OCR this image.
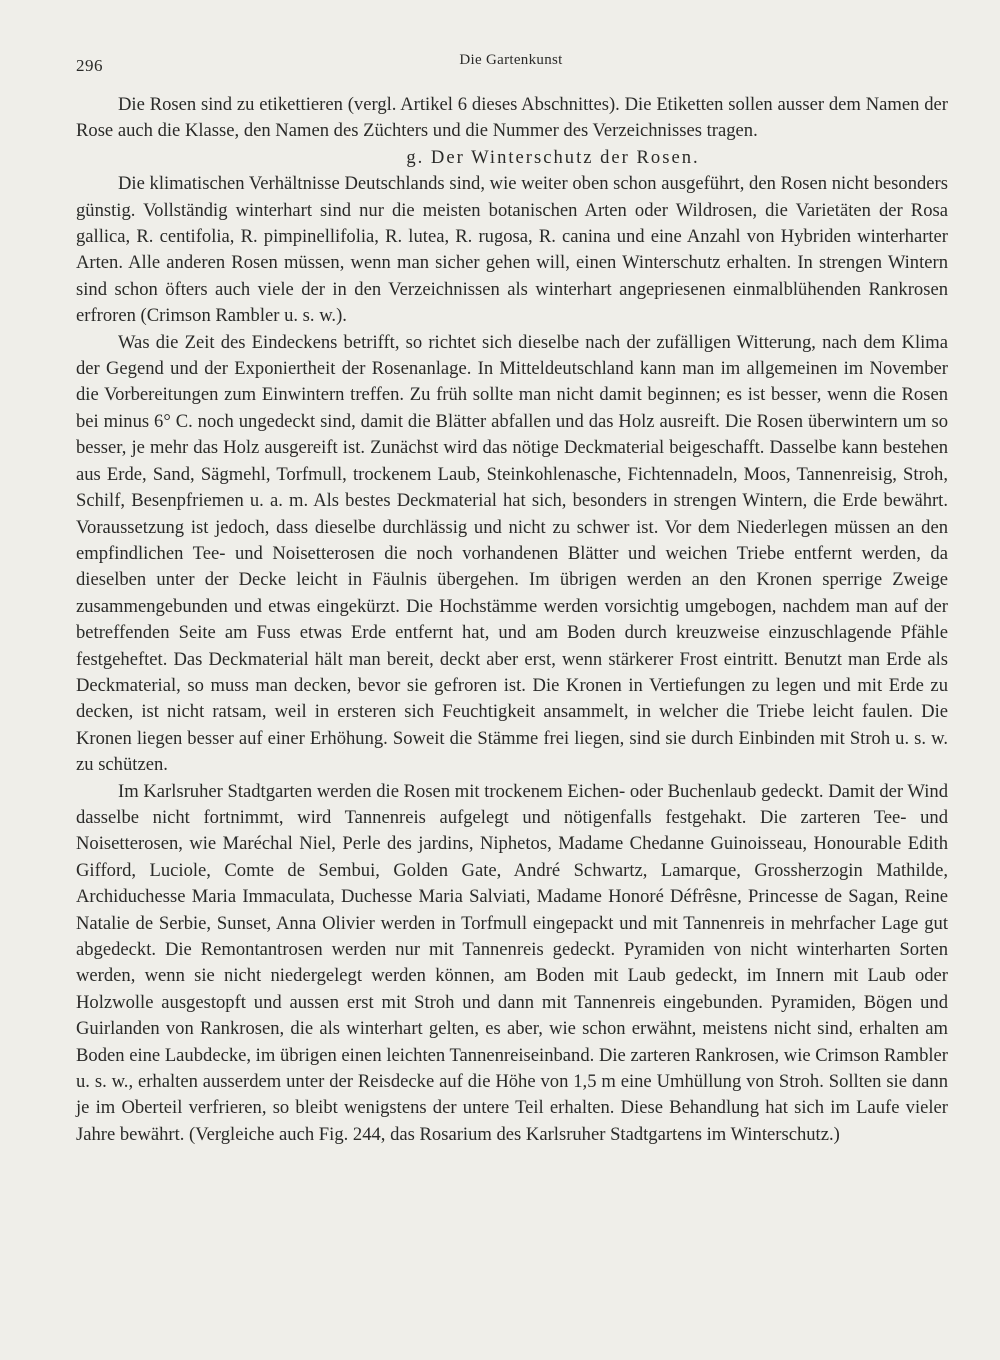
296	Die Gartenkunst

Die Rosen sind zu etikettieren (vergl. Artikel 6 dieses Abschnittes). Die Etiketten sollen ausser dem Namen der Rose auch die Klasse, den Namen des Züchters und die Nummer des Verzeichnisses tragen.

g. Der Winterschutz der Rosen.

Die klimatischen Verhältnisse Deutschlands sind, wie weiter oben schon ausgeführt, den Rosen nicht besonders günstig. Vollständig winterhart sind nur die meisten botanischen Arten oder Wildrosen, die Varietäten der Rosa gallica, R. centifolia, R. pimpinellifolia, R. lutea, R. rugosa, R. canina und eine Anzahl von Hybriden winterharter Arten. Alle anderen Rosen müssen, wenn man sicher gehen will, einen Winterschutz erhalten. In strengen Wintern sind schon öfters auch viele der in den Verzeichnissen als winterhart angepriesenen einmalblühenden Rankrosen erfroren (Crimson Rambler u. s. w.).

Was die Zeit des Eindeckens betrifft, so richtet sich dieselbe nach der zufälligen Witterung, nach dem Klima der Gegend und der Exponiertheit der Rosenanlage. In Mitteldeutschland kann man im allgemeinen im November die Vorbereitungen zum Einwintern treffen. Zu früh sollte man nicht damit beginnen; es ist besser, wenn die Rosen bei minus 6° C. noch ungedeckt sind, damit die Blätter abfallen und das Holz ausreift. Die Rosen überwintern um so besser, je mehr das Holz ausgereift ist. Zunächst wird das nötige Deckmaterial beigeschafft. Dasselbe kann bestehen aus Erde, Sand, Sägmehl, Torfmull, trockenem Laub, Steinkohlenasche, Fichtennadeln, Moos, Tannenreisig, Stroh, Schilf, Besenpfriemen u. a. m. Als bestes Deckmaterial hat sich, besonders in strengen Wintern, die Erde bewährt. Voraussetzung ist jedoch, dass dieselbe durchlässig und nicht zu schwer ist. Vor dem Niederlegen müssen an den empfindlichen Tee- und Noisetterosen die noch vorhandenen Blätter und weichen Triebe entfernt werden, da dieselben unter der Decke leicht in Fäulnis übergehen. Im übrigen werden an den Kronen sperrige Zweige zusammengebunden und etwas eingekürzt. Die Hochstämme werden vorsichtig umgebogen, nachdem man auf der betreffenden Seite am Fuss etwas Erde entfernt hat, und am Boden durch kreuzweise einzuschlagende Pfähle festgeheftet. Das Deckmaterial hält man bereit, deckt aber erst, wenn stärkerer Frost eintritt. Benutzt man Erde als Deckmaterial, so muss man decken, bevor sie gefroren ist. Die Kronen in Vertiefungen zu legen und mit Erde zu decken, ist nicht ratsam, weil in ersteren sich Feuchtigkeit ansammelt, in welcher die Triebe leicht faulen. Die Kronen liegen besser auf einer Erhöhung. Soweit die Stämme frei liegen, sind sie durch Einbinden mit Stroh u. s. w. zu schützen.

Im Karlsruher Stadtgarten werden die Rosen mit trockenem Eichen- oder Buchenlaub gedeckt. Damit der Wind dasselbe nicht fortnimmt, wird Tannenreis aufgelegt und nötigenfalls festgehakt. Die zarteren Tee- und Noisetterosen, wie Maréchal Niel, Perle des jardins, Niphetos, Madame Chedanne Guinoisseau, Honourable Edith Gifford, Luciole, Comte de Sembui, Golden Gate, André Schwartz, Lamarque, Grossherzogin Mathilde, Archiduchesse Maria Immaculata, Duchesse Maria Salviati, Madame Honoré Défrêsne, Princesse de Sagan, Reine Natalie de Serbie, Sunset, Anna Olivier werden in Torfmull eingepackt und mit Tannenreis in mehrfacher Lage gut abgedeckt. Die Remontantrosen werden nur mit Tannenreis gedeckt. Pyramiden von nicht winterharten Sorten werden, wenn sie nicht niedergelegt werden können, am Boden mit Laub gedeckt, im Innern mit Laub oder Holzwolle ausgestopft und aussen erst mit Stroh und dann mit Tannenreis eingebunden. Pyramiden, Bögen und Guirlanden von Rankrosen, die als winterhart gelten, es aber, wie schon erwähnt, meistens nicht sind, erhalten am Boden eine Laubdecke, im übrigen einen leichten Tannenreiseinband. Die zarteren Rankrosen, wie Crimson Rambler u. s. w., erhalten ausserdem unter der Reisdecke auf die Höhe von 1,5 m eine Umhüllung von Stroh. Sollten sie dann je im Oberteil verfrieren, so bleibt wenigstens der untere Teil erhalten. Diese Behandlung hat sich im Laufe vieler Jahre bewährt. (Vergleiche auch Fig. 244, das Rosarium des Karlsruher Stadtgartens im Winterschutz.)
